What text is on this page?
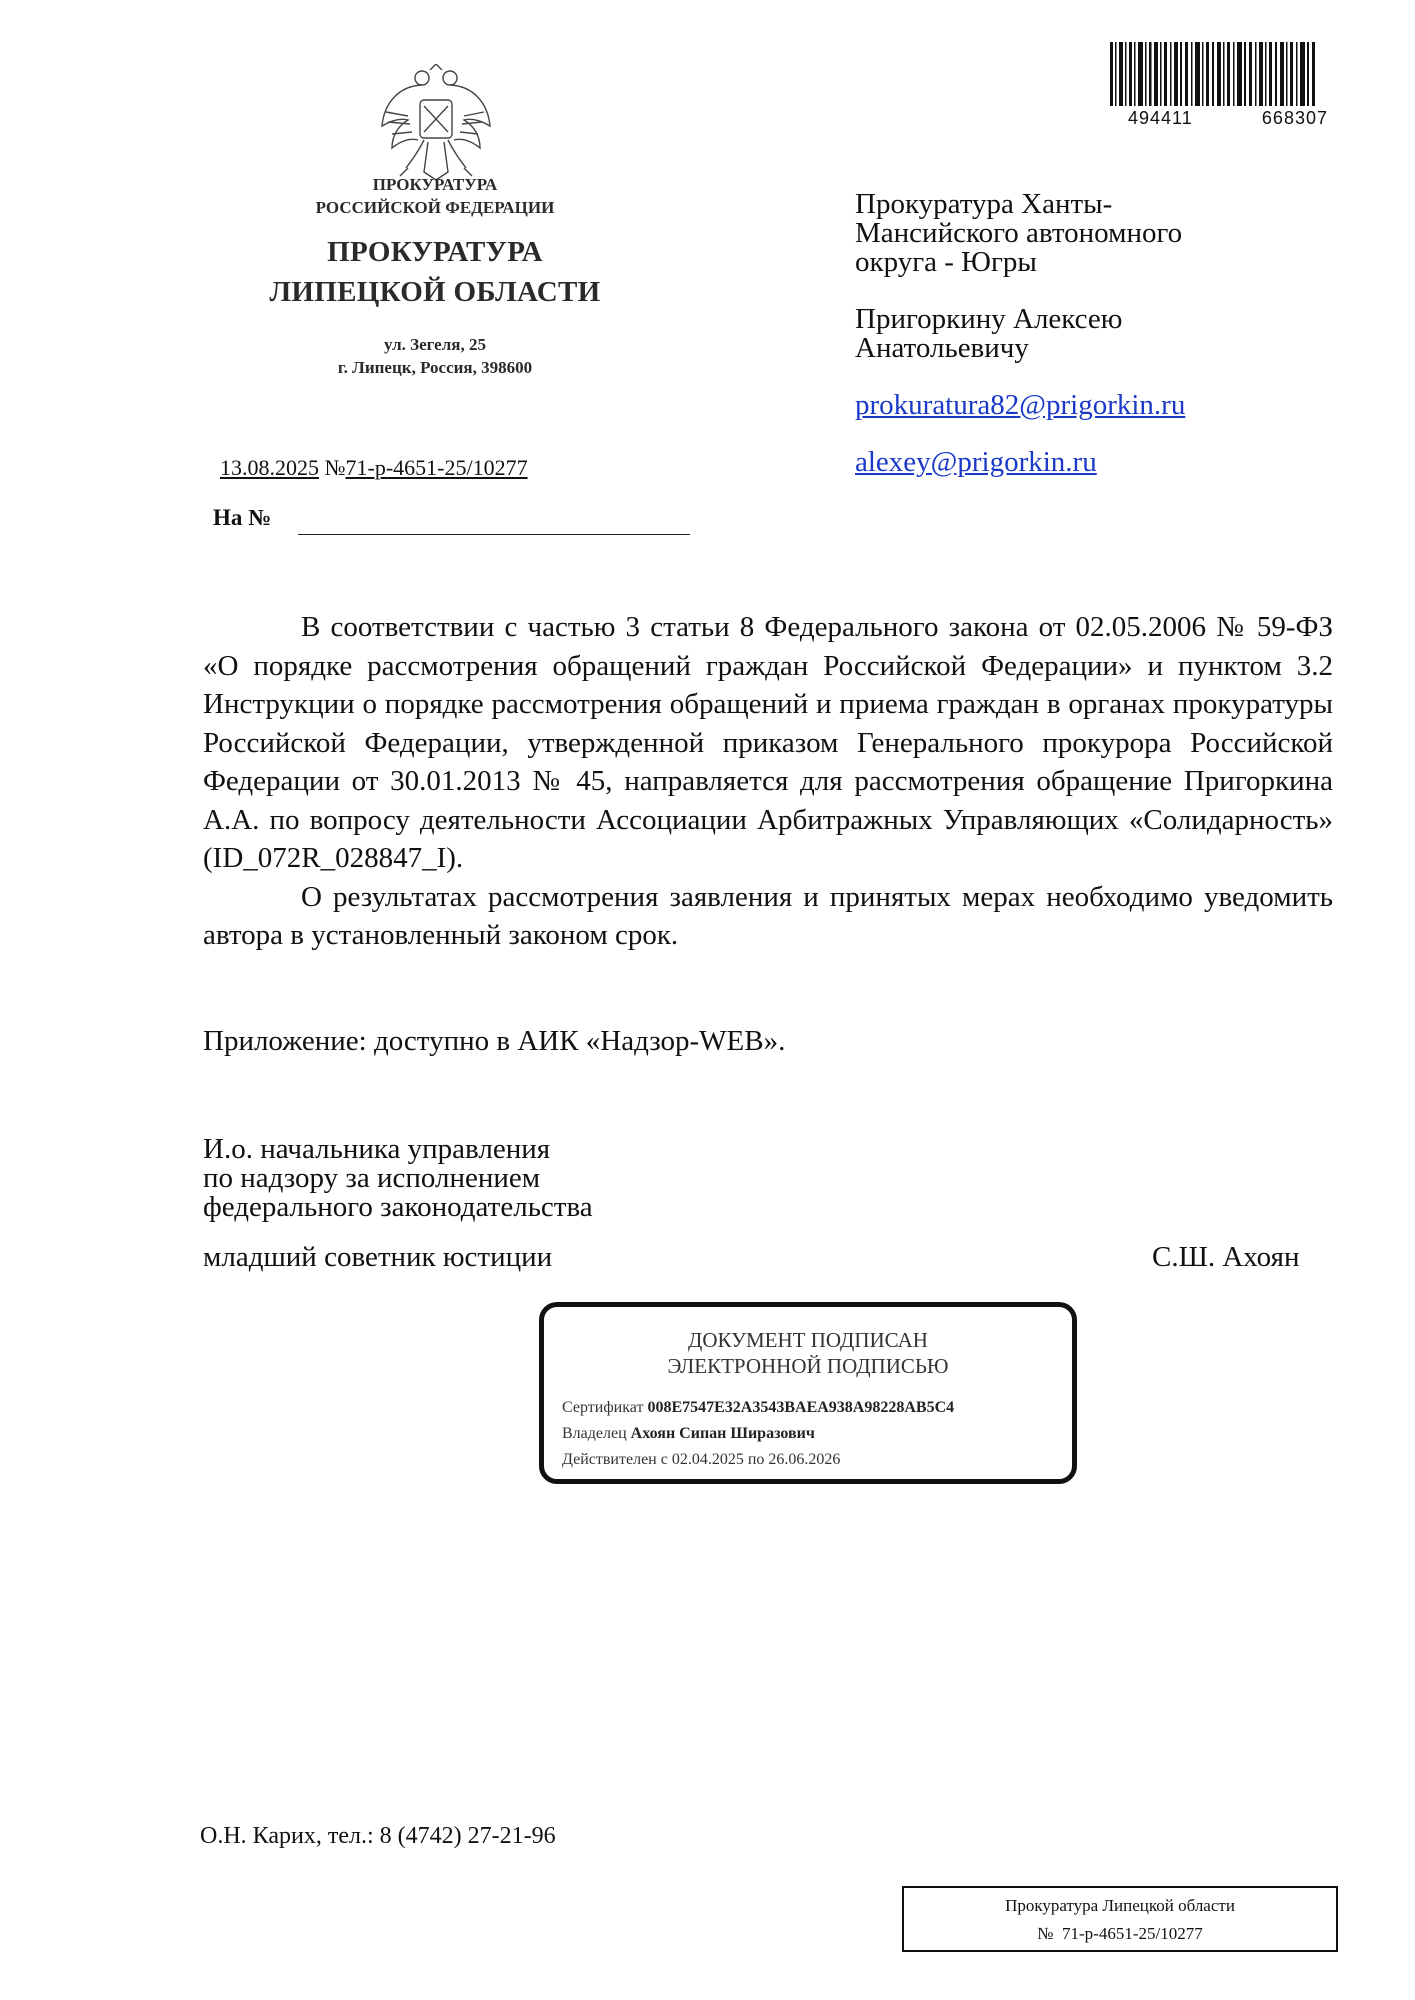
ПРОКУРАТУРА
РОССИЙСКОЙ ФЕДЕРАЦИИ
ПРОКУРАТУРА
ЛИПЕЦКОЙ ОБЛАСТИ
ул. Зегеля, 25
г. Липецк, Россия, 398600
13.08.2025 №71-р-4651-25/10277
На №
494411	668307
Прокуратура Ханты-
Мансийского автономного
округа - Югры
Пригоркину Алексею
Анатольевичу
prokuratura82@prigorkin.ru
alexey@prigorkin.ru

В соответствии с частью 3 статьи 8 Федерального закона от 02.05.2006 № 59-ФЗ «О порядке рассмотрения обращений граждан Российской Федерации» и пунктом 3.2 Инструкции о порядке рассмотрения обращений и приема граждан в органах прокуратуры Российской Федерации, утвержденной приказом Генерального прокурора Российской Федерации от 30.01.2013 № 45, направляется для рассмотрения обращение Пригоркина А.А. по вопросу деятельности Ассоциации Арбитражных Управляющих «Солидарность» (ID_072R_028847_I).

О результатах рассмотрения заявления и принятых мерах необходимо уведомить автора в установленный законом срок.

Приложение: доступно в АИК «Надзор-WEB».
И.о. начальника управления
по надзору за исполнением
федерального законодательства
младший советник юстиции	С.Ш. Ахоян
ДОКУМЕНТ ПОДПИСАН
ЭЛЕКТРОННОЙ ПОДПИСЬЮ
Сертификат 008E7547E32A3543BAEA938A98228AB5C4
Владелец Ахоян Сипан Ширазович
Действителен с 02.04.2025 по 26.06.2026
О.Н. Карих, тел.: 8 (4742) 27-21-96
Прокуратура Липецкой области
№ 71-р-4651-25/10277
